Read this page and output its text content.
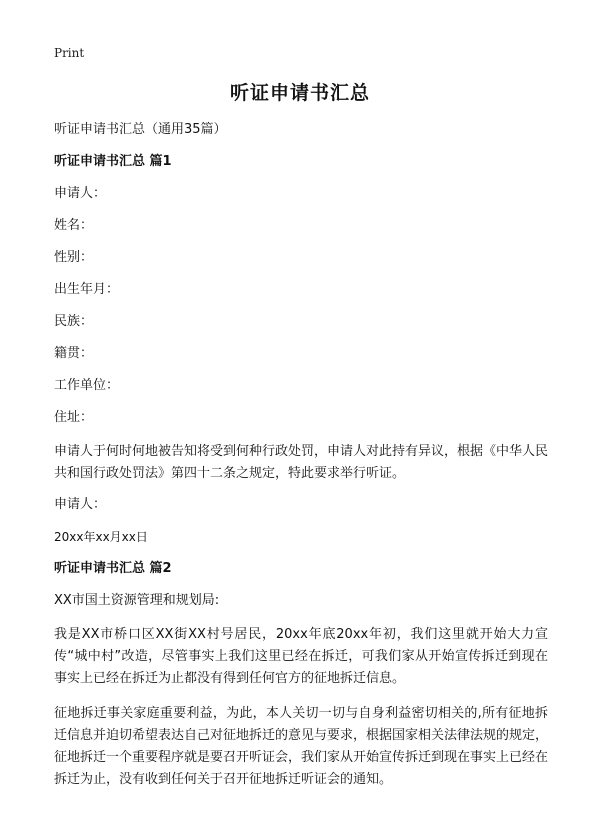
Print
听证申请书汇总

听证申请书汇总（通用35篇）

听证申请书汇总 篇1

申请人：

姓名：

性别：

出生年月：

民族：

籍贯：

工作单位：

住址：

申请人于何时何地被告知将受到何种行政处罚，申请人对此持有异议，根据《中华人民共和国行政处罚法》第四十二条之规定，特此要求举行听证。

申请人：

20xx年xx月xx日

听证申请书汇总 篇2

XX市国土资源管理和规划局:

我是XX市桥口区XX街XX村号居民，20xx年底20xx年初，我们这里就开始大力宣传“城中村”改造，尽管事实上我们这里已经在拆迁，可我们家从开始宣传拆迁到现在事实上已经在拆迁为止都没有得到任何官方的征地拆迁信息。

征地拆迁事关家庭重要利益，为此，本人关切一切与自身利益密切相关的,所有征地拆迁信息并迫切希望表达自己对征地拆迁的意见与要求，根据国家相关法律法规的规定，征地拆迁一个重要程序就是要召开听证会，我们家从开始宣传拆迁到现在事实上已经在拆迁为止，没有收到任何关于召开征地拆迁听证会的通知。
